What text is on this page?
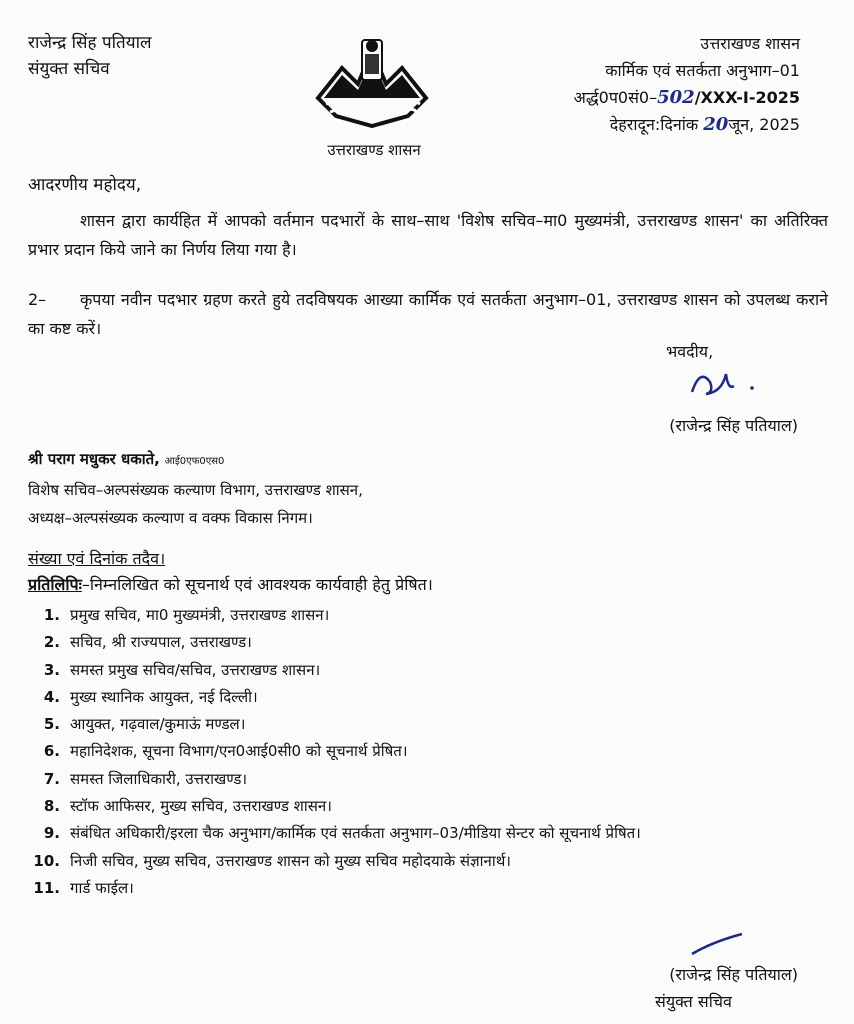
राजेन्द्र सिंह पतियाल
संयुक्त सचिव
उत्तराखण्ड शासन
उत्तराखण्ड शासन
कार्मिक एवं सतर्कता अनुभाग–01
अर्द्ध0प0सं0–502/XXX-I-2025
देहरादून:दिनांक 20जून, 2025
आदरणीय महोदय,
शासन द्वारा कार्यहित में आपको वर्तमान पदभारों के साथ–साथ 'विशेष सचिव–मा0 मुख्यमंत्री, उत्तराखण्ड शासन' का अतिरिक्त प्रभार प्रदान किये जाने का निर्णय लिया गया है।
2– कृपया नवीन पदभार ग्रहण करते हुये तदविषयक आख्या कार्मिक एवं सतर्कता अनुभाग–01, उत्तराखण्ड शासन को उपलब्ध कराने का कष्ट करें।
भवदीय,
(राजेन्द्र सिंह पतियाल)
श्री पराग मधुकर धकाते, आई0एफ0एस0
विशेष सचिव–अल्पसंख्यक कल्याण विभाग, उत्तराखण्ड शासन,
अध्यक्ष–अल्पसंख्यक कल्याण व वक्फ विकास निगम।
संख्या एवं दिनांक तदैव।
प्रतिलिपिः–निम्नलिखित को सूचनार्थ एवं आवश्यक कार्यवाही हेतु प्रेषित।
1. प्रमुख सचिव, मा0 मुख्यमंत्री, उत्तराखण्ड शासन।
2. सचिव, श्री राज्यपाल, उत्तराखण्ड।
3. समस्त प्रमुख सचिव/सचिव, उत्तराखण्ड शासन।
4. मुख्य स्थानिक आयुक्त, नई दिल्ली।
5. आयुक्त, गढ़वाल/कुमाऊं मण्डल।
6. महानिदेशक, सूचना विभाग/एन0आई0सी0 को सूचनार्थ प्रेषित।
7. समस्त जिलाधिकारी, उत्तराखण्ड।
8. स्टॉफ आफिसर, मुख्य सचिव, उत्तराखण्ड शासन।
9. संबंधित अधिकारी/इरला चैक अनुभाग/कार्मिक एवं सतर्कता अनुभाग–03/मीडिया सेन्टर को सूचनार्थ प्रेषित।
10. निजी सचिव, मुख्य सचिव, उत्तराखण्ड शासन को मुख्य सचिव महोदयाके संज्ञानार्थ।
11. गार्ड फाईल।
(राजेन्द्र सिंह पतियाल)
संयुक्त सचिव
